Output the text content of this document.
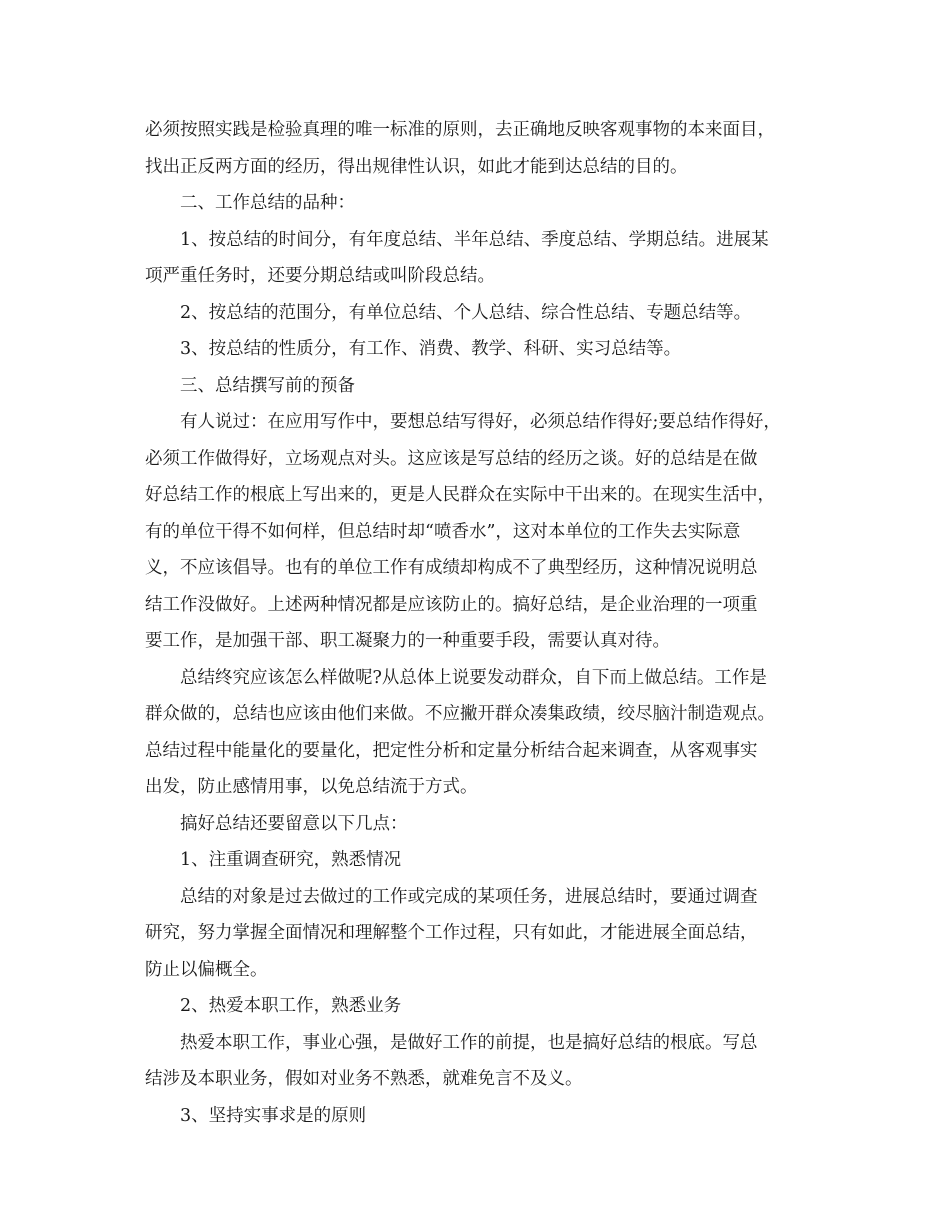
必须按照实践是检验真理的唯一标准的原则，去正确地反映客观事物的本来面目，

找出正反两方面的经历，得出规律性认识，如此才能到达总结的目的。

二、工作总结的品种：

1、按总结的时间分，有年度总结、半年总结、季度总结、学期总结。进展某

项严重任务时，还要分期总结或叫阶段总结。

2、按总结的范围分，有单位总结、个人总结、综合性总结、专题总结等。

3、按总结的性质分，有工作、消费、教学、科研、实习总结等。

三、总结撰写前的预备

有人说过：在应用写作中，要想总结写得好，必须总结作得好;要总结作得好，

必须工作做得好，立场观点对头。这应该是写总结的经历之谈。好的总结是在做

好总结工作的根底上写出来的，更是人民群众在实际中干出来的。在现实生活中，

有的单位干得不如何样，但总结时却“喷香水”，这对本单位的工作失去实际意

义，不应该倡导。也有的单位工作有成绩却构成不了典型经历，这种情况说明总

结工作没做好。上述两种情况都是应该防止的。搞好总结，是企业治理的一项重

要工作，是加强干部、职工凝聚力的一种重要手段，需要认真对待。

总结终究应该怎么样做呢?从总体上说要发动群众，自下而上做总结。工作是

群众做的，总结也应该由他们来做。不应撇开群众凑集政绩，绞尽脑汁制造观点。

总结过程中能量化的要量化，把定性分析和定量分析结合起来调查，从客观事实

出发，防止感情用事，以免总结流于方式。

搞好总结还要留意以下几点：

1、注重调查研究，熟悉情况

总结的对象是过去做过的工作或完成的某项任务，进展总结时，要通过调查

研究，努力掌握全面情况和理解整个工作过程，只有如此，才能进展全面总结，

防止以偏概全。

2、热爱本职工作，熟悉业务

热爱本职工作，事业心强，是做好工作的前提，也是搞好总结的根底。写总

结涉及本职业务，假如对业务不熟悉，就难免言不及义。

3、坚持实事求是的原则
